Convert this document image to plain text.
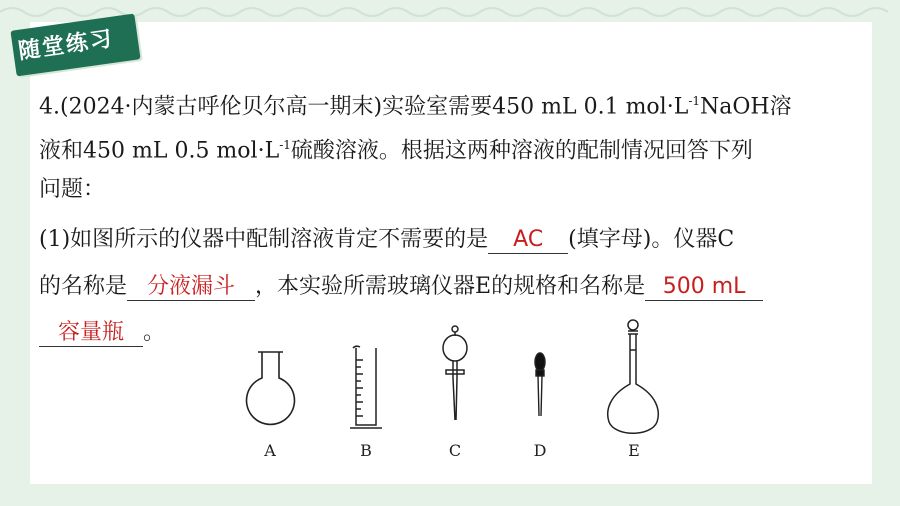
随堂练习
4.(2024·内蒙古呼伦贝尔高一期末)实验室需要450 mL 0.1 $mol\cdot L^{-1}NaOH$溶
液和450 mL 0.5 $mol\cdot L^{-1}$硫酸溶液。根据这两种溶液的配制情况回答下列
问题：
(1)如图所示的仪器中配制溶液肯定不需要的是 AC (填字母)。仪器C
的名称是 分液漏斗 ，本实验所需玻璃仪器E的规格和名称是 500 mL
容量瓶 。
A	B	C	D	E
